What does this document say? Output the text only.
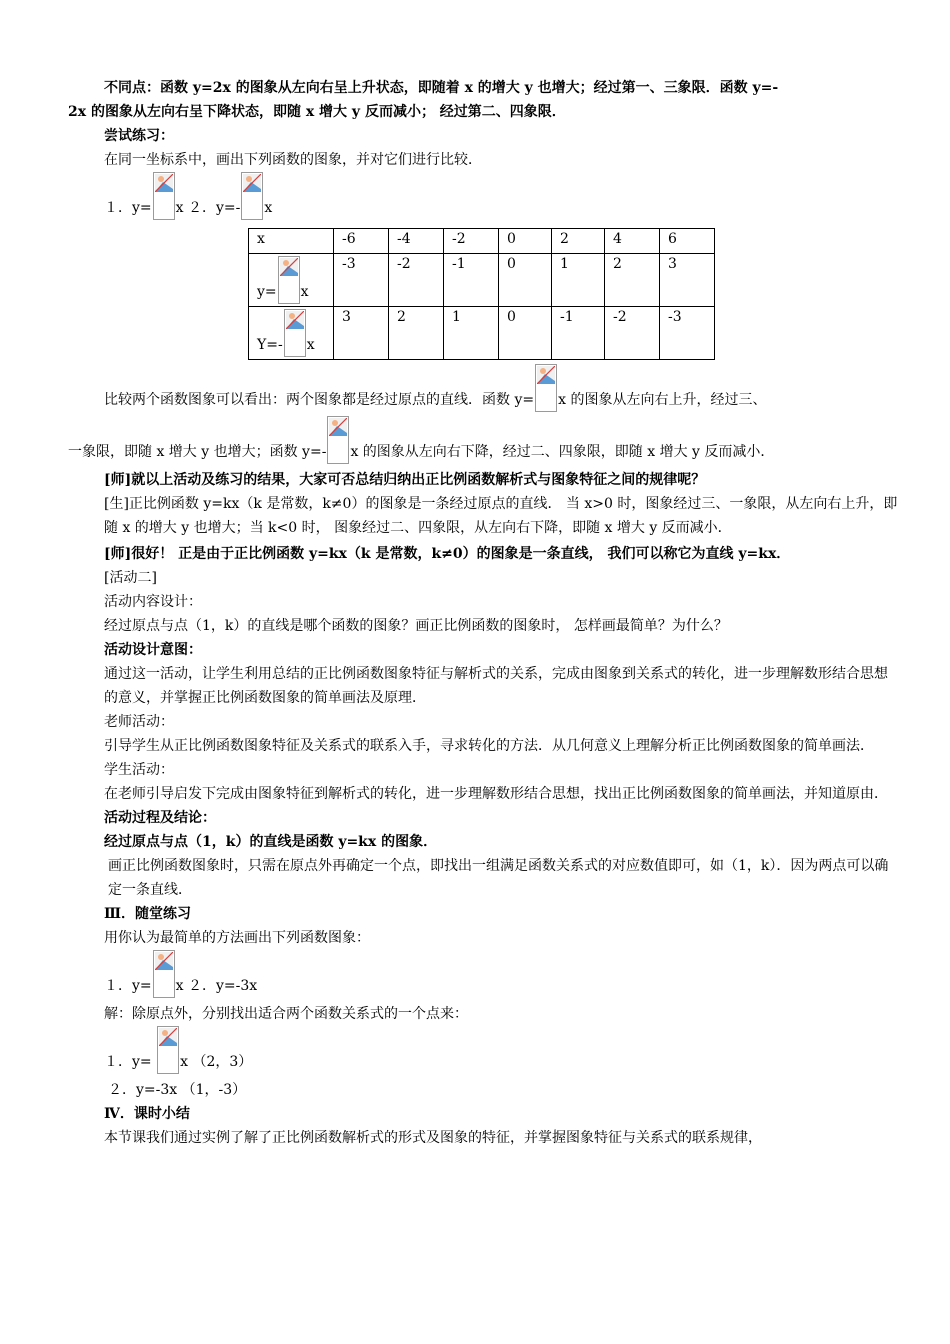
不同点：函数 y=2x 的图象从左向右呈上升状态，即随着 x 的增大 y 也增大；经过第一、三象限．函数 y=-

2x 的图象从左向右呈下降状态，即随 x 增大 y 反而减小； 经过第二、四象限．

尝试练习：

在同一坐标系中，画出下列函数的图象，并对它们进行比较．

１．y= x ２．y=- x

x	-6	-4	-2	0	2	4	6
y= x	-3	-2	-1	0	1	2	3
Y=- x	3	2	1	0	-1	-2	-3

比较两个函数图象可以看出：两个图象都是经过原点的直线．函数 y= x 的图象从左向右上升，经过三、

一象限，即随 x 增大 y 也增大；函数 y=- x 的图象从左向右下降，经过二、四象限，即随 x 增大 y 反而减小．

[师]就以上活动及练习的结果，大家可否总结归纳出正比例函数解析式与图象特征之间的规律呢？

[生]正比例函数 y=kx（k 是常数，k≠0）的图象是一条经过原点的直线． 当 x>0 时，图象经过三、一象限，从左向右上升，即随 x 的增大 y 也增大；当 k<0 时， 图象经过二、四象限，从左向右下降，即随 x 增大 y 反而减小．

[师]很好！ 正是由于正比例函数 y=kx（k 是常数，k≠0）的图象是一条直线， 我们可以称它为直线 y=kx．

[活动二]

活动内容设计：

经过原点与点（1，k）的直线是哪个函数的图象？画正比例函数的图象时， 怎样画最简单？为什么？

活动设计意图：

通过这一活动，让学生利用总结的正比例函数图象特征与解析式的关系，完成由图象到关系式的转化，进一步理解数形结合思想的意义，并掌握正比例函数图象的简单画法及原理．

老师活动：

引导学生从正比例函数图象特征及关系式的联系入手，寻求转化的方法．从几何意义上理解分析正比例函数图象的简单画法．

学生活动：

在老师引导启发下完成由图象特征到解析式的转化，进一步理解数形结合思想，找出正比例函数图象的简单画法，并知道原由．

活动过程及结论：

经过原点与点（1，k）的直线是函数 y=kx 的图象．

画正比例函数图象时，只需在原点外再确定一个点，即找出一组满足函数关系式的对应数值即可，如（1，k）．因为两点可以确定一条直线．

Ⅲ．随堂练习

用你认为最简单的方法画出下列函数图象：

１．y= x ２．y=-3x

解：除原点外，分别找出适合两个函数关系式的一个点来：

１．y=
x （2，3）

２．y=-3x （1，-3）

Ⅳ．课时小结

本节课我们通过实例了解了正比例函数解析式的形式及图象的特征，并掌握图象特征与关系式的联系规律，
